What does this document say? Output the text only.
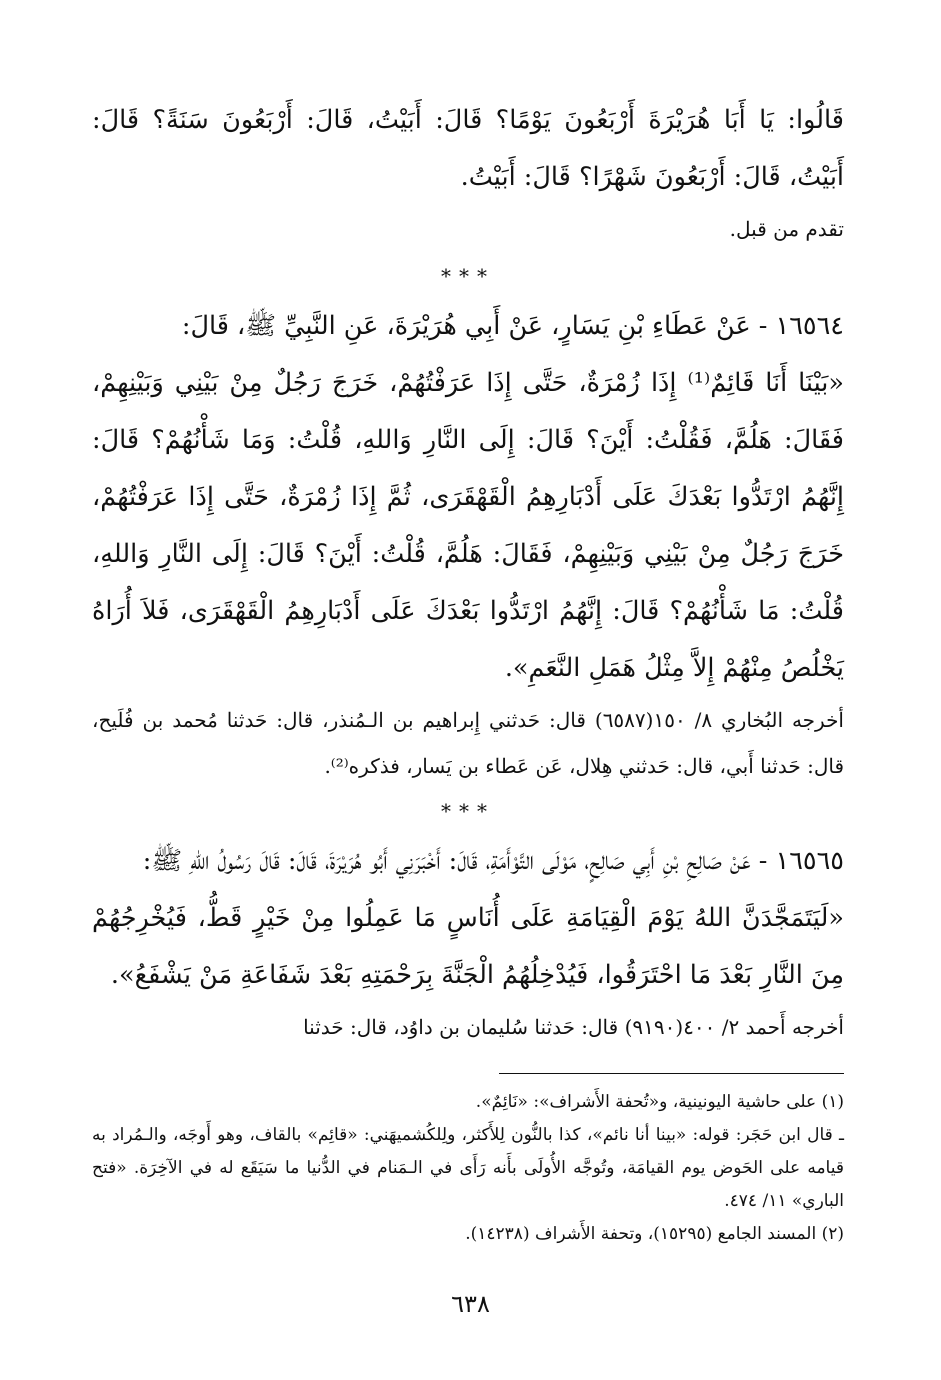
قَالُوا: يَا أَبَا هُرَيْرَةَ أَرْبَعُونَ يَوْمًا؟ قَالَ: أَبَيْتُ، قَالَ: أَرْبَعُونَ سَنَةً؟ قَالَ: أَبَيْتُ، قَالَ: أَرْبَعُونَ شَهْرًا؟ قَالَ: أَبَيْتُ.

تقدم من قبل.

***

١٦٥٦٤ - عَنْ عَطَاءِ بْنِ يَسَارٍ، عَنْ أَبِي هُرَيْرَةَ، عَنِ النَّبِيِّ ﷺ، قَالَ:

«بَيْنَا أَنَا قَائِمٌ⁽¹⁾ إِذَا زُمْرَةٌ، حَتَّى إِذَا عَرَفْتُهُمْ، خَرَجَ رَجُلٌ مِنْ بَيْنِي وَبَيْنِهِمْ، فَقَالَ: هَلُمَّ، فَقُلْتُ: أَيْنَ؟ قَالَ: إِلَى النَّارِ وَاللهِ، قُلْتُ: وَمَا شَأْنُهُمْ؟ قَالَ: إِنَّهُمُ ارْتَدُّوا بَعْدَكَ عَلَى أَدْبَارِهِمُ الْقَهْقَرَى، ثُمَّ إِذَا زُمْرَةٌ، حَتَّى إِذَا عَرَفْتُهُمْ، خَرَجَ رَجُلٌ مِنْ بَيْنِي وَبَيْنِهِمْ، فَقَالَ: هَلُمَّ، قُلْتُ: أَيْنَ؟ قَالَ: إِلَى النَّارِ وَاللهِ، قُلْتُ: مَا شَأْنُهُمْ؟ قَالَ: إِنَّهُمُ ارْتَدُّوا بَعْدَكَ عَلَى أَدْبَارِهِمُ الْقَهْقَرَى، فَلاَ أُرَاهُ يَخْلُصُ مِنْهُمْ إِلاَّ مِثْلُ هَمَلِ النَّعَمِ».

أخرجه البُخاري ٨/ ١٥٠(٦٥٨٧) قال: حَدثني إِبراهيم بن الـمُنذر، قال: حَدثنا مُحمد بن فُلَيح، قال: حَدثنا أَبي، قال: حَدثني هِلال، عَن عَطاء بن يَسار، فذكره⁽²⁾.

***

١٦٥٦٥ - عَنْ صَالِحِ بْنِ أَبِي صَالِحٍ، مَوْلَى التَّوْأَمَةِ، قَالَ: أَخْبَرَنِي أَبُو هُرَيْرَةَ، قَالَ: قَالَ رَسُولُ اللهِ ﷺ:

«لَيَتَمَجَّدَنَّ اللهُ يَوْمَ الْقِيَامَةِ عَلَى أُنَاسٍ مَا عَمِلُوا مِنْ خَيْرٍ قَطُّ، فَيُخْرِجُهُمْ مِنَ النَّارِ بَعْدَ مَا احْتَرَقُوا، فَيُدْخِلُهُمُ الْجَنَّةَ بِرَحْمَتِهِ بَعْدَ شَفَاعَةِ مَنْ يَشْفَعُ».

أخرجه أَحمد ٢/ ٤٠٠(٩١٩٠) قال: حَدثنا سُليمان بن داوُد، قال: حَدثنا

(١) على حاشية اليونينية، و«تُحفة الأَشراف»: «نَائِمٌ».

ـ قال ابن حَجَر: قوله: «بينا أنا نائم»، كذا بالنُّون لِلأَكثر، ولِلكُشميهَني: «قائِم» بالقاف، وهو أَوجَه، والـمُراد به قيامه على الحَوض يوم القيامَة، وتُوجَّه الأُولَى بأَنه رَأَى في الـمَنام في الدُّنيا ما سَيَقَع له في الآخِرَة. «فتح الباري» ١١/ ٤٧٤.

(٢) المسند الجامع (١٥٢٩٥)، وتحفة الأَشراف (١٤٢٣٨).

٦٣٨
